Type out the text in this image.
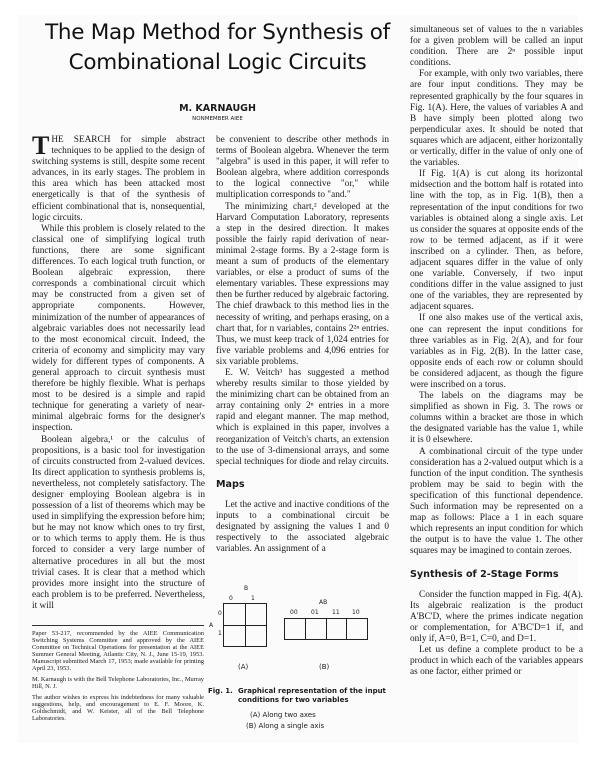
The Map Method for Synthesis of
Combinational Logic Circuits
M. KARNAUGH
NONMEMBER AIEE

THE SEARCH for simple abstract techniques to be applied to the design of switching systems is still, despite some recent advances, in its early stages. The problem in this area which has been attacked most energetically is that of the synthesis of efficient combinational that is, nonsequential, logic circuits.

While this problem is closely related to the classical one of simplifying logical truth functions, there are some significant differences. To each logical truth function, or Boolean algebraic expression, there corresponds a combinational circuit which may be constructed from a given set of appropriate components. However, minimization of the number of appearances of algebraic variables does not necessarily lead to the most economical circuit. Indeed, the criteria of economy and simplicity may vary widely for different types of components. A general approach to circuit synthesis must therefore be highly flexible. What is perhaps most to be desired is a simple and rapid technique for generating a variety of near-minimal algebraic forms for the designer's inspection.

Boolean algebra,¹ or the calculus of propositions, is a basic tool for investigation of circuits constructed from 2-valued devices. Its direct application to synthesis problems is, nevertheless, not completely satisfactory. The designer employing Boolean algebra is in possession of a list of theorems which may be used in simplifying the expression before him; but he may not know which ones to try first, or to which terms to apply them. He is thus forced to consider a very large number of alternative procedures in all but the most trivial cases. It is clear that a method which provides more insight into the structure of each problem is to be preferred. Nevertheless, it will

Paper 53-217, recommended by the AIEE Communication Switching Systems Committee and approved by the AIEE Committee on Technical Operations for presentation at the AIEE Summer General Meeting, Atlantic City, N. J., June 15-19, 1953. Manuscript submitted March 17, 1953; made available for printing April 23, 1953.

M. Karnaugh is with the Bell Telephone Laboratories, Inc., Murray Hill, N. J.

The author wishes to express his indebtedness for many valuable suggestions, help, and encouragement to E. F. Moore, K. Goldschmidt, and W. Keister, all of the Bell Telephone Laboratories.

be convenient to describe other methods in terms of Boolean algebra. Whenever the term "algebra" is used in this paper, it will refer to Boolean algebra, where addition corresponds to the logical connective "or," while multiplication corresponds to "and."

The minimizing chart,² developed at the Harvard Computation Laboratory, represents a step in the desired direction. It makes possible the fairly rapid derivation of near-minimal 2-stage forms. By a 2-stage form is meant a sum of products of the elementary variables, or else a product of sums of the elementary variables. These expressions may then be further reduced by algebraic factoring. The chief drawback to this method lies in the necessity of writing, and perhaps erasing, on a chart that, for n variables, contains 2²ⁿ entries. Thus, we must keep track of 1,024 entries for five variable problems and 4,096 entries for six variable problems.

E. W. Veitch³ has suggested a method whereby results similar to those yielded by the minimizing chart can be obtained from an array containing only 2ⁿ entries in a more rapid and elegant manner. The map method, which is explained in this paper, involves a reorganization of Veitch's charts, an extension to the use of 3-dimensional arrays, and some special techniques for diode and relay circuits.

Maps

Let the active and inactive conditions of the inputs to a combinational circuit be designated by assigning the values 1 and 0 respectively to the associated algebraic variables. An assignment of a

B
0	1
A
0
1
(A)
AB
00 01 11 10
(B)
Fig. 1. Graphical representation of the input conditions for two variables
(A) Along two axes
(B) Along a single axis

simultaneous set of values to the n variables for a given problem will be called an input condition. There are 2ⁿ possible input conditions.

For example, with only two variables, there are four input conditions. They may be represented graphically by the four squares in Fig. 1(A). Here, the values of variables A and B have simply been plotted along two perpendicular axes. It should be noted that squares which are adjacent, either horizontally or vertically, differ in the value of only one of the variables.

If Fig. 1(A) is cut along its horizontal midsection and the bottom half is rotated into line with the top, as in Fig. 1(B), then a representation of the input conditions for two variables is obtained along a single axis. Let us consider the squares at opposite ends of the row to be termed adjacent, as if it were inscribed on a cylinder. Then, as before, adjacent squares differ in the value of only one variable. Conversely, if two input conditions differ in the value assigned to just one of the variables, they are represented by adjacent squares.

If one also makes use of the vertical axis, one can represent the input conditions for three variables as in Fig. 2(A), and for four variables as in Fig. 2(B). In the latter case, opposite ends of each row or column should be considered adjacent, as though the figure were inscribed on a torus.

The labels on the diagrams may be simplified as shown in Fig. 3. The rows or columns within a bracket are those in which the designated variable has the value 1, while it is 0 elsewhere.

A combinational circuit of the type under consideration has a 2-valued output which is a function of the input condition. The synthesis problem may be said to begin with the specification of this functional dependence. Such information may be represented on a map as follows: Place a 1 in each square which represents an input condition for which the output is to have the value 1. The other squares may be imagined to contain zeroes.

Synthesis of 2-Stage Forms

Consider the function mapped in Fig. 4(A). Its algebraic realization is the product A'BC'D, where the primes indicate negation or complementation, for A'BC'D=1 if, and only if, A=0, B=1, C=0, and D=1.

Let us define a complete product to be a product in which each of the variables appears as one factor, either primed or
